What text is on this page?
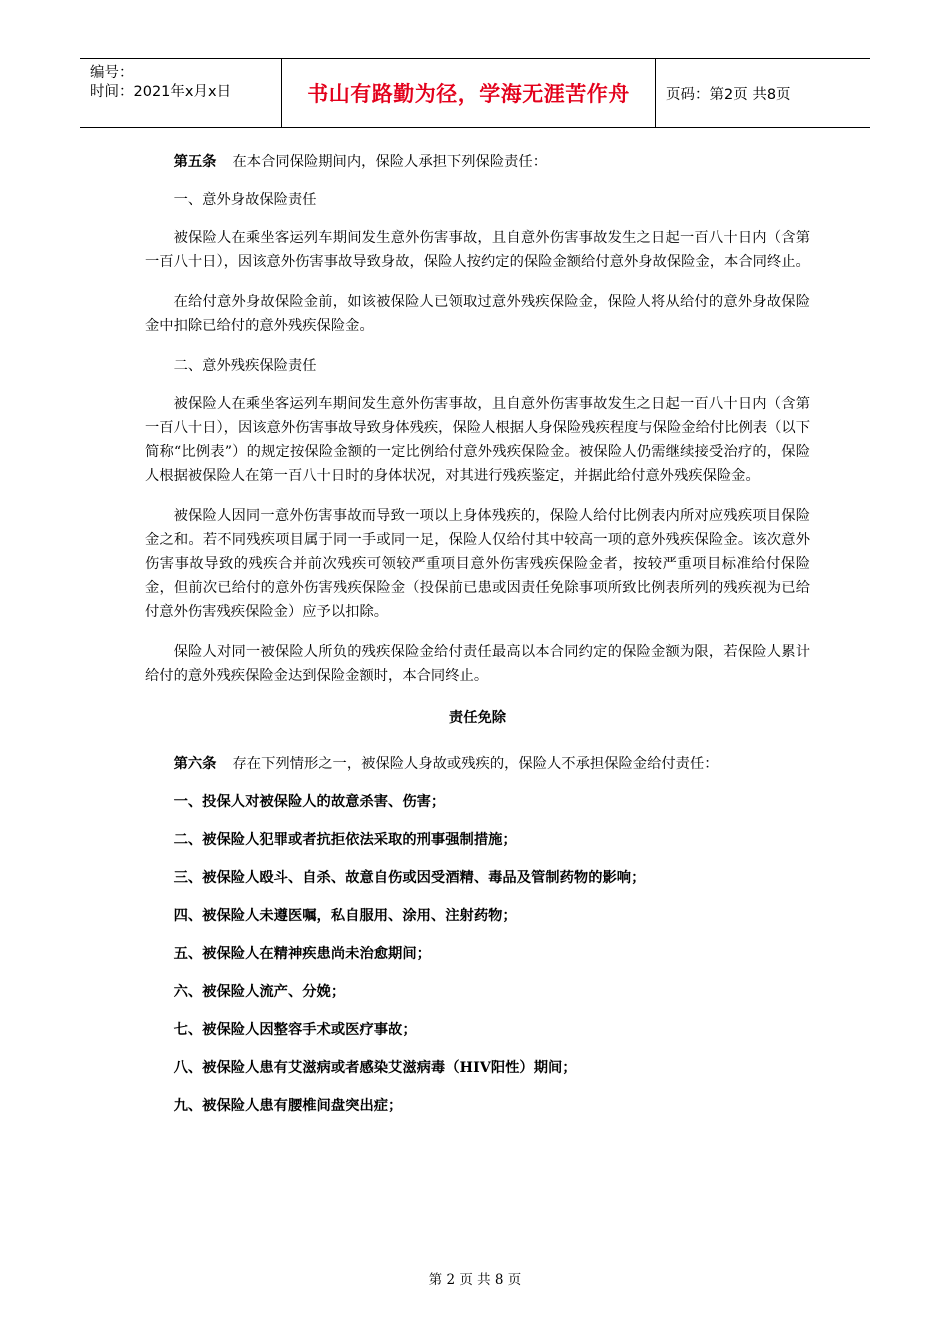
编号：
时间：2021年x月x日	书山有路勤为径，学海无涯苦作舟	页码：第2页 共8页

第五条 在本合同保险期间内，保险人承担下列保险责任：

一、意外身故保险责任

被保险人在乘坐客运列车期间发生意外伤害事故，且自意外伤害事故发生之日起一百八十日内（含第一百八十日），因该意外伤害事故导致身故，保险人按约定的保险金额给付意外身故保险金，本合同终止。

在给付意外身故保险金前，如该被保险人已领取过意外残疾保险金，保险人将从给付的意外身故保险金中扣除已给付的意外残疾保险金。

二、意外残疾保险责任

被保险人在乘坐客运列车期间发生意外伤害事故，且自意外伤害事故发生之日起一百八十日内（含第一百八十日），因该意外伤害事故导致身体残疾，保险人根据人身保险残疾程度与保险金给付比例表（以下简称“比例表”）的规定按保险金额的一定比例给付意外残疾保险金。被保险人仍需继续接受治疗的，保险人根据被保险人在第一百八十日时的身体状况，对其进行残疾鉴定，并据此给付意外残疾保险金。

被保险人因同一意外伤害事故而导致一项以上身体残疾的，保险人给付比例表内所对应残疾项目保险金之和。若不同残疾项目属于同一手或同一足，保险人仅给付其中较高一项的意外残疾保险金。该次意外伤害事故导致的残疾合并前次残疾可领较严重项目意外伤害残疾保险金者，按较严重项目标准给付保险金，但前次已给付的意外伤害残疾保险金（投保前已患或因责任免除事项所致比例表所列的残疾视为已给付意外伤害残疾保险金）应予以扣除。

保险人对同一被保险人所负的残疾保险金给付责任最高以本合同约定的保险金额为限，若保险人累计给付的意外残疾保险金达到保险金额时，本合同终止。

责任免除

第六条 存在下列情形之一，被保险人身故或残疾的，保险人不承担保险金给付责任：

一、投保人对被保险人的故意杀害、伤害；
二、被保险人犯罪或者抗拒依法采取的刑事强制措施；
三、被保险人殴斗、自杀、故意自伤或因受酒精、毒品及管制药物的影响；
四、被保险人未遵医嘱，私自服用、涂用、注射药物；
五、被保险人在精神疾患尚未治愈期间；
六、被保险人流产、分娩；
七、被保险人因整容手术或医疗事故；
八、被保险人患有艾滋病或者感染艾滋病毒（HIV阳性）期间；
九、被保险人患有腰椎间盘突出症；
第 2 页 共 8 页
